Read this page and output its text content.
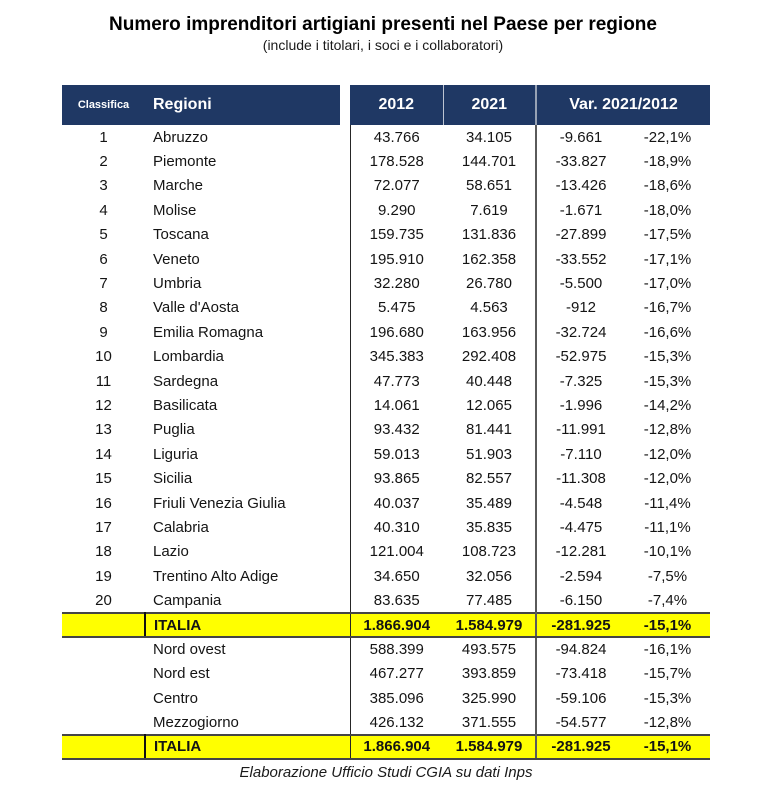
Numero imprenditori artigiani presenti nel Paese per regione
(include i titolari, i soci e i collaboratori)
Classifica	Regioni		2012	2021	Var. 2021/2012	
1	Abruzzo		43.766	34.105	-9.661	-22,1%
2	Piemonte		178.528	144.701	-33.827	-18,9%
3	Marche		72.077	58.651	-13.426	-18,6%
4	Molise		9.290	7.619	-1.671	-18,0%
5	Toscana		159.735	131.836	-27.899	-17,5%
6	Veneto		195.910	162.358	-33.552	-17,1%
7	Umbria		32.280	26.780	-5.500	-17,0%
8	Valle d'Aosta		5.475	4.563	-912	-16,7%
9	Emilia Romagna		196.680	163.956	-32.724	-16,6%
10	Lombardia		345.383	292.408	-52.975	-15,3%
11	Sardegna		47.773	40.448	-7.325	-15,3%
12	Basilicata		14.061	12.065	-1.996	-14,2%
13	Puglia		93.432	81.441	-11.991	-12,8%
14	Liguria		59.013	51.903	-7.110	-12,0%
15	Sicilia		93.865	82.557	-11.308	-12,0%
16	Friuli Venezia Giulia		40.037	35.489	-4.548	-11,4%
17	Calabria		40.310	35.835	-4.475	-11,1%
18	Lazio		121.004	108.723	-12.281	-10,1%
19	Trentino Alto Adige		34.650	32.056	-2.594	-7,5%
20	Campania		83.635	77.485	-6.150	-7,4%
	ITALIA		1.866.904	1.584.979	-281.925	-15,1%
	Nord ovest		588.399	493.575	-94.824	-16,1%
	Nord est		467.277	393.859	-73.418	-15,7%
	Centro		385.096	325.990	-59.106	-15,3%
	Mezzogiorno		426.132	371.555	-54.577	-12,8%
	ITALIA		1.866.904	1.584.979	-281.925	-15,1%
Elaborazione Ufficio Studi CGIA su dati Inps
